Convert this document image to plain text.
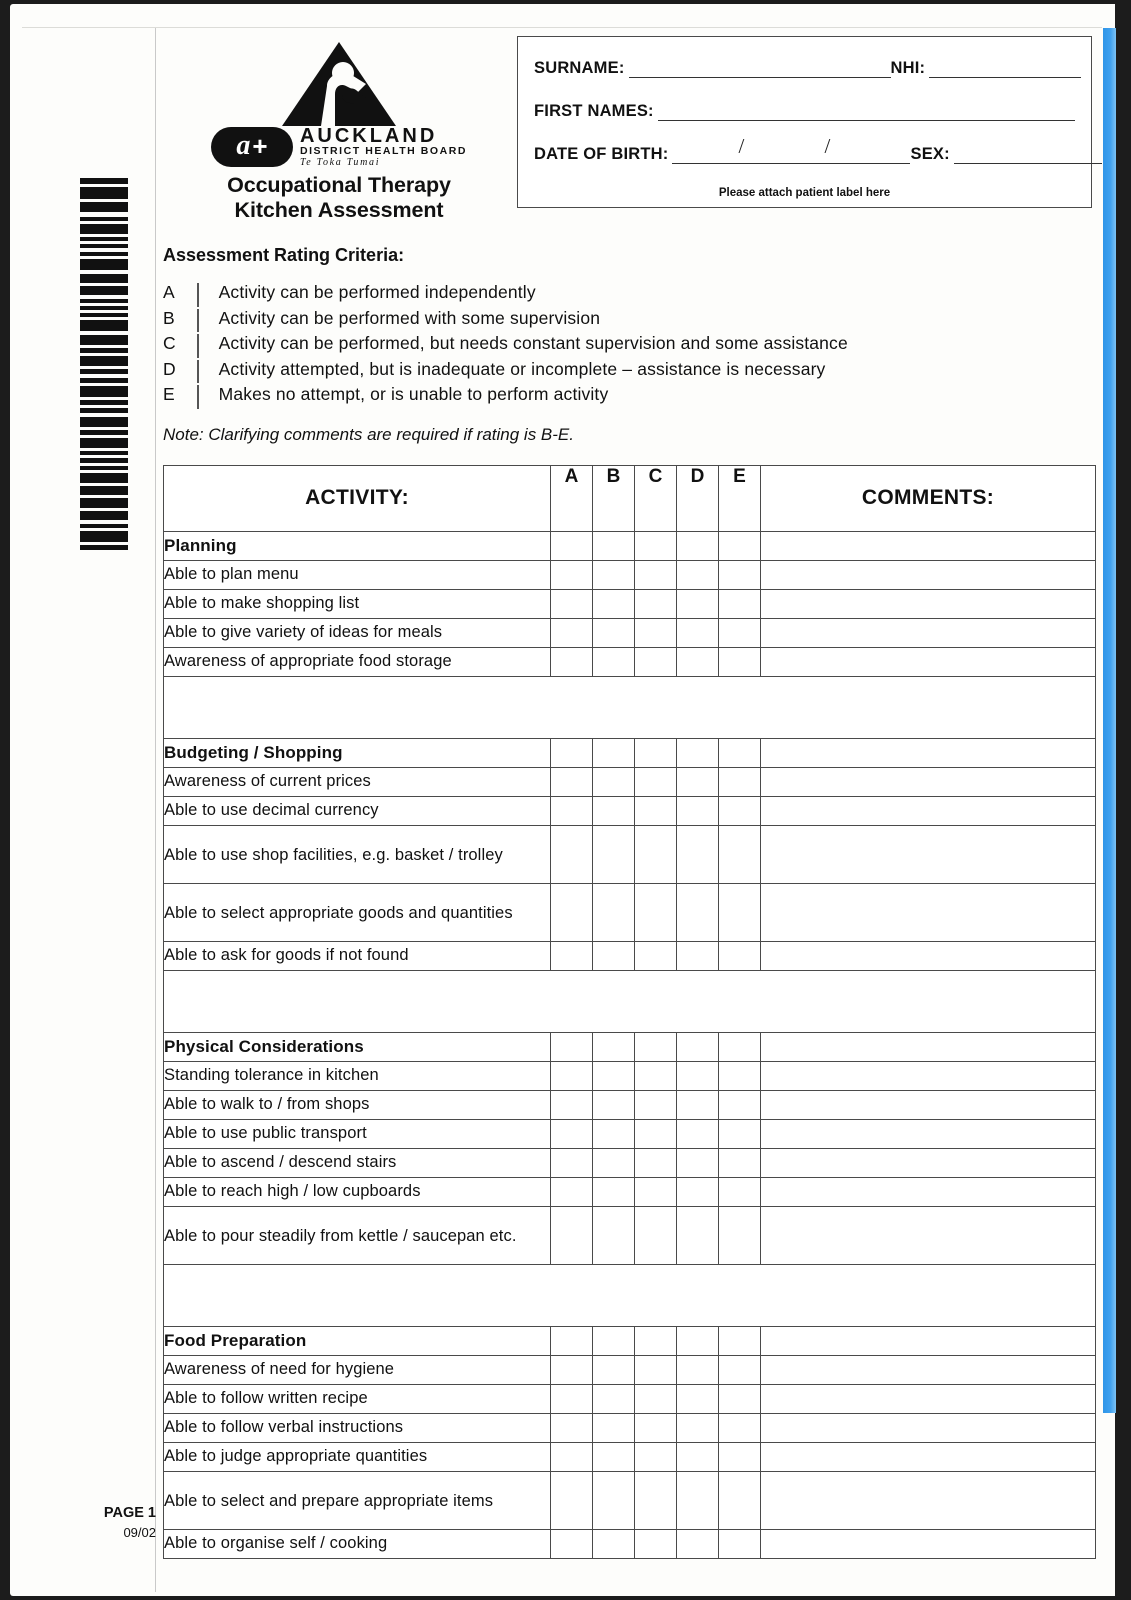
a + AUCKLAND
DISTRICT HEALTH BOARD
Te Toka Tumai
Occupational Therapy
Kitchen Assessment
SURNAME:	NHI:
FIRST NAMES:
DATE OF BIRTH:	/	/	SEX:
Please attach patient label here
Assessment Rating Criteria:
A	Activity can be performed independently
B	Activity can be performed with some supervision
C	Activity can be performed, but needs constant supervision and some assistance
D	Activity attempted, but is inadequate or incomplete – assistance is necessary
E	Makes no attempt, or is unable to perform activity
Note: Clarifying comments are required if rating is B-E.
ACTIVITY:	A	B	C	D	E	COMMENTS:
Planning						
Able to plan menu						
Able to make shopping list						
Able to give variety of ideas for meals						
Awareness of appropriate food storage						

Budgeting / Shopping						
Awareness of current prices						
Able to use decimal currency						
Able to use shop facilities, e.g. basket / trolley						
Able to select appropriate goods and quantities						
Able to ask for goods if not found						

Physical Considerations						
Standing tolerance in kitchen						
Able to walk to / from shops						
Able to use public transport						
Able to ascend / descend stairs						
Able to reach high / low cupboards						
Able to pour steadily from kettle / saucepan etc.						

Food Preparation						
Awareness of need for hygiene						
Able to follow written recipe						
Able to follow verbal instructions						
Able to judge appropriate quantities						
Able to select and prepare appropriate items						
Able to organise self / cooking						
PAGE 1
09/02
